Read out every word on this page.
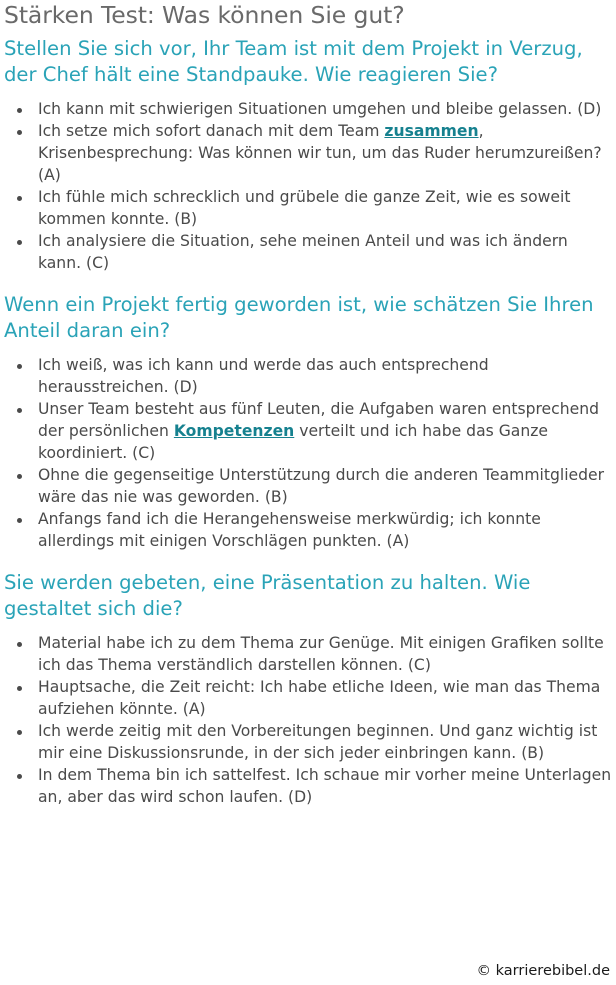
Stärken Test: Was können Sie gut?
Stellen Sie sich vor, Ihr Team ist mit dem Projekt in Verzug, der Chef hält eine Standpauke. Wie reagieren Sie?
Ich kann mit schwierigen Situationen umgehen und bleibe gelassen. (D)
Ich setze mich sofort danach mit dem Team zusammen, Krisenbesprechung: Was können wir tun, um das Ruder herumzureißen? (A)
Ich fühle mich schrecklich und grübele die ganze Zeit, wie es soweit kommen konnte. (B)
Ich analysiere die Situation, sehe meinen Anteil und was ich ändern kann. (C)
Wenn ein Projekt fertig geworden ist, wie schätzen Sie Ihren Anteil daran ein?
Ich weiß, was ich kann und werde das auch entsprechend herausstreichen. (D)
Unser Team besteht aus fünf Leuten, die Aufgaben waren entsprechend der persönlichen Kompetenzen verteilt und ich habe das Ganze koordiniert. (C)
Ohne die gegenseitige Unterstützung durch die anderen Teammitglieder wäre das nie was geworden. (B)
Anfangs fand ich die Herangehensweise merkwürdig; ich konnte allerdings mit einigen Vorschlägen punkten. (A)
Sie werden gebeten, eine Präsentation zu halten. Wie gestaltet sich die?
Material habe ich zu dem Thema zur Genüge. Mit einigen Grafiken sollte ich das Thema verständlich darstellen können. (C)
Hauptsache, die Zeit reicht: Ich habe etliche Ideen, wie man das Thema aufziehen könnte. (A)
Ich werde zeitig mit den Vorbereitungen beginnen. Und ganz wichtig ist mir eine Diskussionsrunde, in der sich jeder einbringen kann. (B)
In dem Thema bin ich sattelfest. Ich schaue mir vorher meine Unterlagen an, aber das wird schon laufen. (D)
© karrierebibel.de
